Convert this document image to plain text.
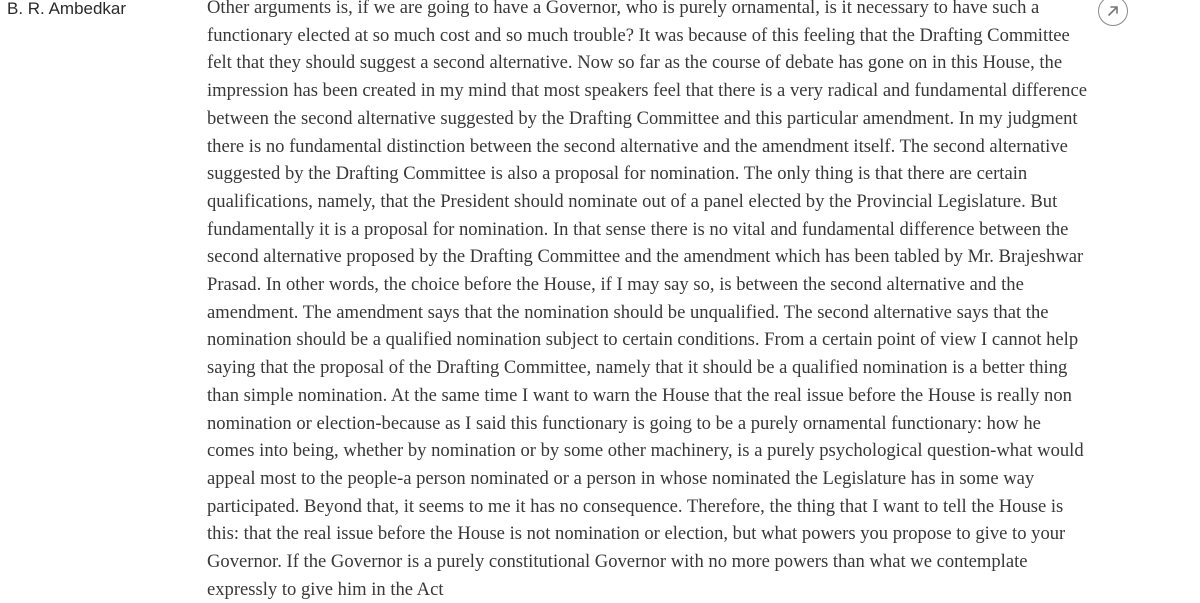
B. R. Ambedkar	Other arguments is, if we are going to have a Governor, who is purely ornamental, is it necessary to have such a functionary elected at so much cost and so much trouble? It was because of this feeling that the Drafting Committee felt that they should suggest a second alternative. Now so far as the course of debate has gone on in this House, the impression has been created in my mind that most speakers feel that there is a very radical and fundamental difference between the second alternative suggested by the Drafting Committee and this particular amendment. In my judgment there is no fundamental distinction between the second alternative and the amendment itself. The second alternative suggested by the Drafting Committee is also a proposal for nomination. The only thing is that there are certain qualifications, namely, that the President should nominate out of a panel elected by the Provincial Legislature. But fundamentally it is a proposal for nomination. In that sense there is no vital and fundamental difference between the second alternative proposed by the Drafting Committee and the amendment which has been tabled by Mr. Brajeshwar Prasad. In other words, the choice before the House, if I may say so, is between the second alternative and the amendment. The amendment says that the nomination should be unqualified. The second alternative says that the nomination should be a qualified nomination subject to certain conditions. From a certain point of view I cannot help saying that the proposal of the Drafting Committee, namely that it should be a qualified nomination is a better thing than simple nomination. At the same time I want to warn the House that the real issue before the House is really non nomination or election-because as I said this functionary is going to be a purely ornamental functionary: how he comes into being, whether by nomination or by some other machinery, is a purely psychological question-what would appeal most to the people-a person nominated or a person in whose nominated the Legislature has in some way participated. Beyond that, it seems to me it has no consequence. Therefore, the thing that I want to tell the House is this: that the real issue before the House is not nomination or election, but what powers you propose to give to your Governor. If the Governor is a purely constitutional Governor with no more powers than what we contemplate expressly to give him in the Act
